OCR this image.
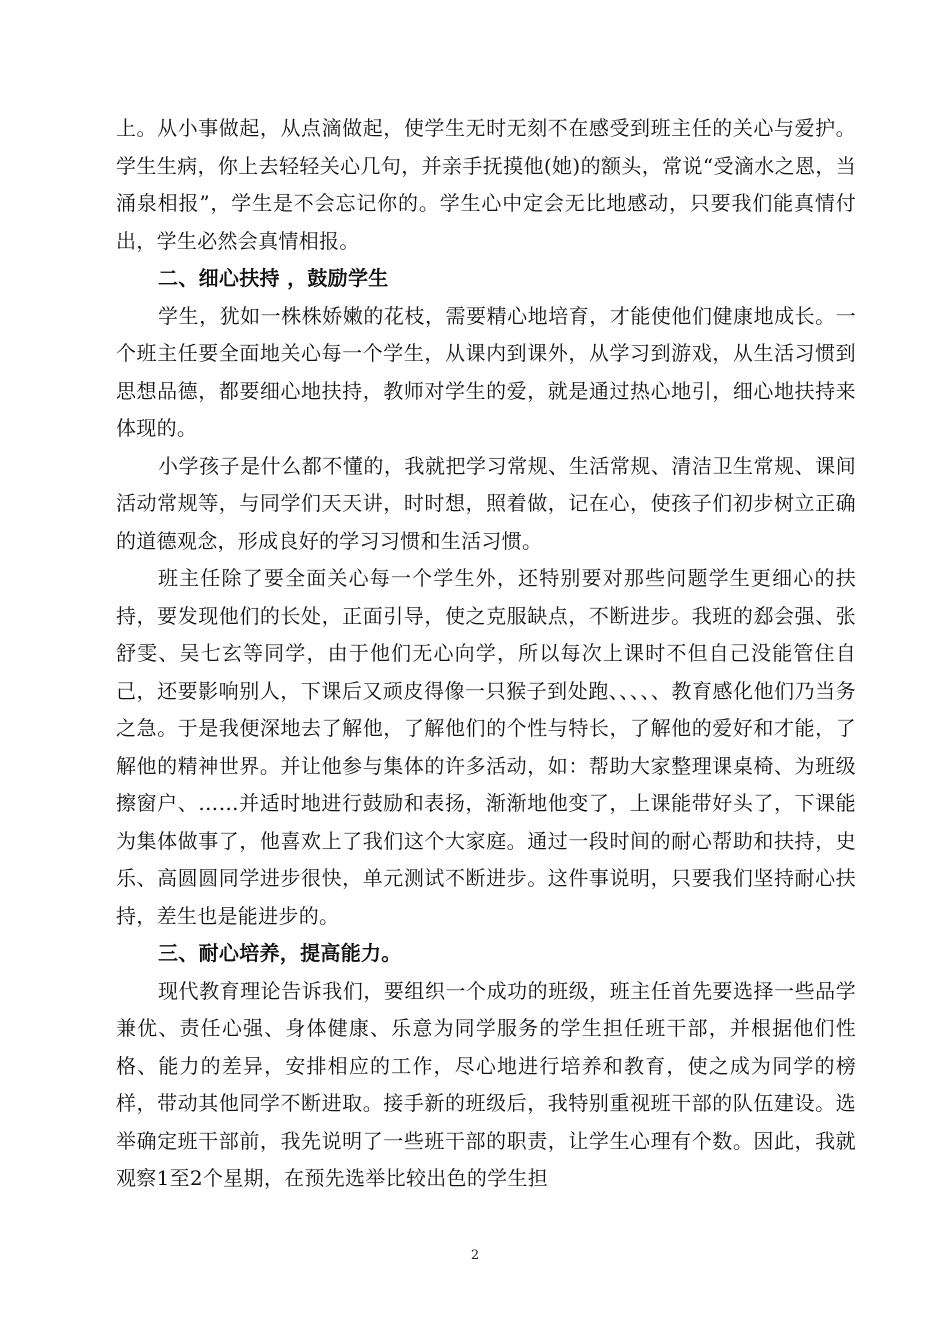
上。从小事做起，从点滴做起，使学生无时无刻不在感受到班主任的关心与爱护。学生生病，你上去轻轻关心几句，并亲手抚摸他(她)的额头，常说“受滴水之恩，当涌泉相报”，学生是不会忘记你的。学生心中定会无比地感动，只要我们能真情付出，学生必然会真情相报。

二、细心扶持 ，鼓励学生

学生，犹如一株株娇嫩的花枝，需要精心地培育，才能使他们健康地成长。一个班主任要全面地关心每一个学生，从课内到课外，从学习到游戏，从生活习惯到思想品德，都要细心地扶持，教师对学生的爱，就是通过热心地引，细心地扶持来体现的。

小学孩子是什么都不懂的，我就把学习常规、生活常规、清洁卫生常规、课间活动常规等，与同学们天天讲，时时想，照着做，记在心，使孩子们初步树立正确的道德观念，形成良好的学习习惯和生活习惯。

班主任除了要全面关心每一个学生外，还特别要对那些问题学生更细心的扶持，要发现他们的长处，正面引导，使之克服缺点，不断进步。我班的郄会强、张舒雯、吴七玄等同学，由于他们无心向学，所以每次上课时不但自己没能管住自己，还要影响别人，下课后又顽皮得像一只猴子到处跑、、、、、教育感化他们乃当务之急。于是我便深地去了解他，了解他们的个性与特长，了解他的爱好和才能，了解他的精神世界。并让他参与集体的许多活动，如：帮助大家整理课桌椅、为班级擦窗户、……并适时地进行鼓励和表扬，渐渐地他变了，上课能带好头了，下课能为集体做事了，他喜欢上了我们这个大家庭。通过一段时间的耐心帮助和扶持，史乐、高圆圆同学进步很快，单元测试不断进步。这件事说明，只要我们坚持耐心扶持，差生也是能进步的。

三、耐心培养，提高能力。

现代教育理论告诉我们，要组织一个成功的班级，班主任首先要选择一些品学兼优、责任心强、身体健康、乐意为同学服务的学生担任班干部，并根据他们性格、能力的差异，安排相应的工作，尽心地进行培养和教育，使之成为同学的榜样，带动其他同学不断进取。接手新的班级后，我特别重视班干部的队伍建设。选举确定班干部前，我先说明了一些班干部的职责，让学生心理有个数。因此，我就观察1至2个星期，在预先选举比较出色的学生担

2
